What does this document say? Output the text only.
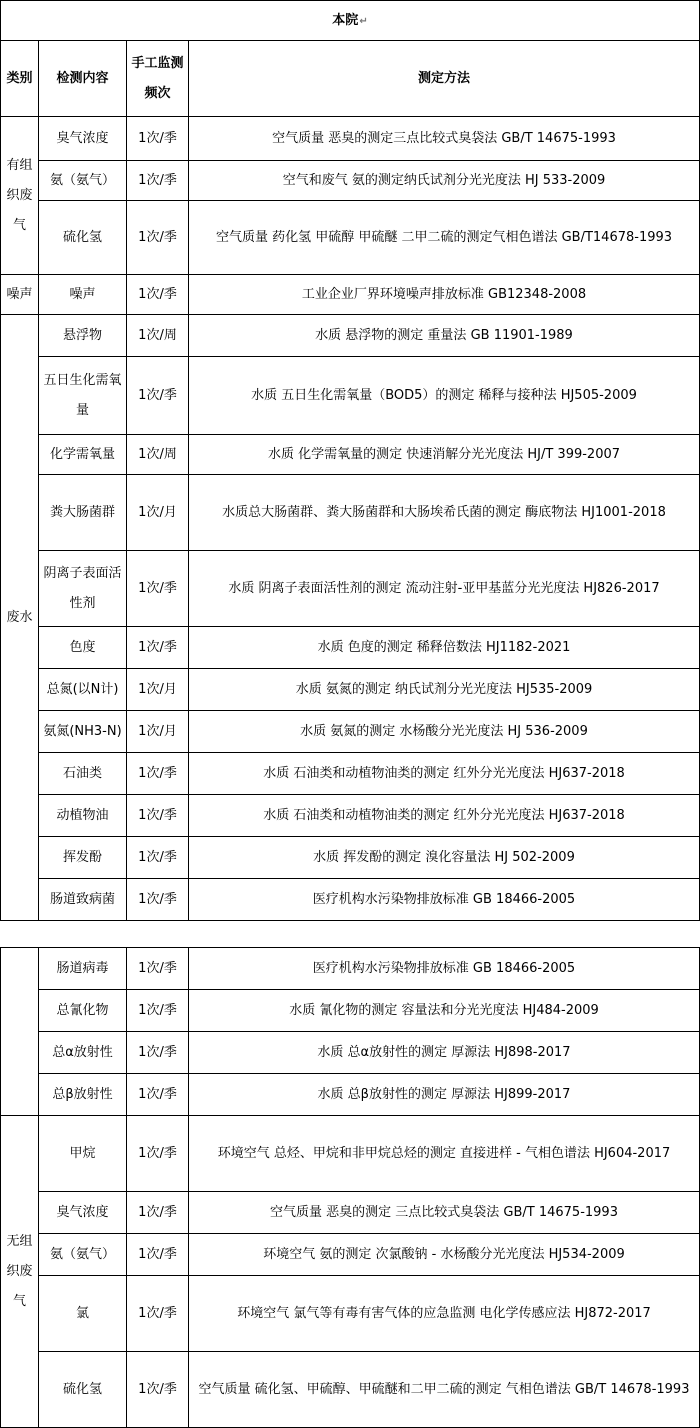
本院↵			
类别	检测内容	手工监测频次	测定方法
有组织废气	臭气浓度	1次/季	空气质量 恶臭的测定三点比较式臭袋法 GB/T 14675-1993
	氨（氨气）	1次/季	空气和废气 氨的测定纳氏试剂分光光度法 HJ 533-2009
	硫化氢	1次/季	空气质量 药化氢 甲硫醇 甲硫醚 二甲二硫的测定气相色谱法 GB/T14678-1993
噪声	噪声	1次/季	工业企业厂界环境噪声排放标准 GB12348-2008
废水	悬浮物	1次/周	水质 悬浮物的测定 重量法 GB 11901-1989
	五日生化需氧量	1次/季	水质 五日生化需氧量（BOD5）的测定 稀释与接种法 HJ505-2009
	化学需氧量	1次/周	水质 化学需氧量的测定 快速消解分光光度法 HJ/T 399-2007
	粪大肠菌群	1次/月	水质总大肠菌群、粪大肠菌群和大肠埃希氏菌的测定 酶底物法 HJ1001-2018
	阴离子表面活性剂	1次/季	水质 阴离子表面活性剂的测定 流动注射-亚甲基蓝分光光度法 HJ826-2017
	色度	1次/季	水质 色度的测定 稀释倍数法 HJ1182-2021
	总氮(以N计)	1次/月	水质 氨氮的测定 纳氏试剂分光光度法 HJ535-2009
	氨氮(NH3-N)	1次/月	水质 氨氮的测定 水杨酸分光光度法 HJ 536-2009
	石油类	1次/季	水质 石油类和动植物油类的测定 红外分光光度法 HJ637-2018
	动植物油	1次/季	水质 石油类和动植物油类的测定 红外分光光度法 HJ637-2018
	挥发酚	1次/季	水质 挥发酚的测定 溴化容量法 HJ 502-2009
	肠道致病菌	1次/季	医疗机构水污染物排放标准 GB 18466-2005
	肠道病毒	1次/季	医疗机构水污染物排放标准 GB 18466-2005
	总氰化物	1次/季	水质 氰化物的测定 容量法和分光光度法 HJ484-2009
	总α放射性	1次/季	水质 总α放射性的测定 厚源法 HJ898-2017
	总β放射性	1次/季	水质 总β放射性的测定 厚源法 HJ899-2017
无组织废气	甲烷	1次/季	环境空气 总烃、甲烷和非甲烷总烃的测定 直接进样 - 气相色谱法 HJ604-2017
	臭气浓度	1次/季	空气质量 恶臭的测定 三点比较式臭袋法 GB/T 14675-1993
	氨（氨气）	1次/季	环境空气 氨的测定 次氯酸钠 - 水杨酸分光光度法 HJ534-2009
	氯	1次/季	环境空气 氯气等有毒有害气体的应急监测 电化学传感应法 HJ872-2017
	硫化氢	1次/季	空气质量 硫化氢、甲硫醇、甲硫醚和二甲二硫的测定 气相色谱法 GB/T 14678-1993
